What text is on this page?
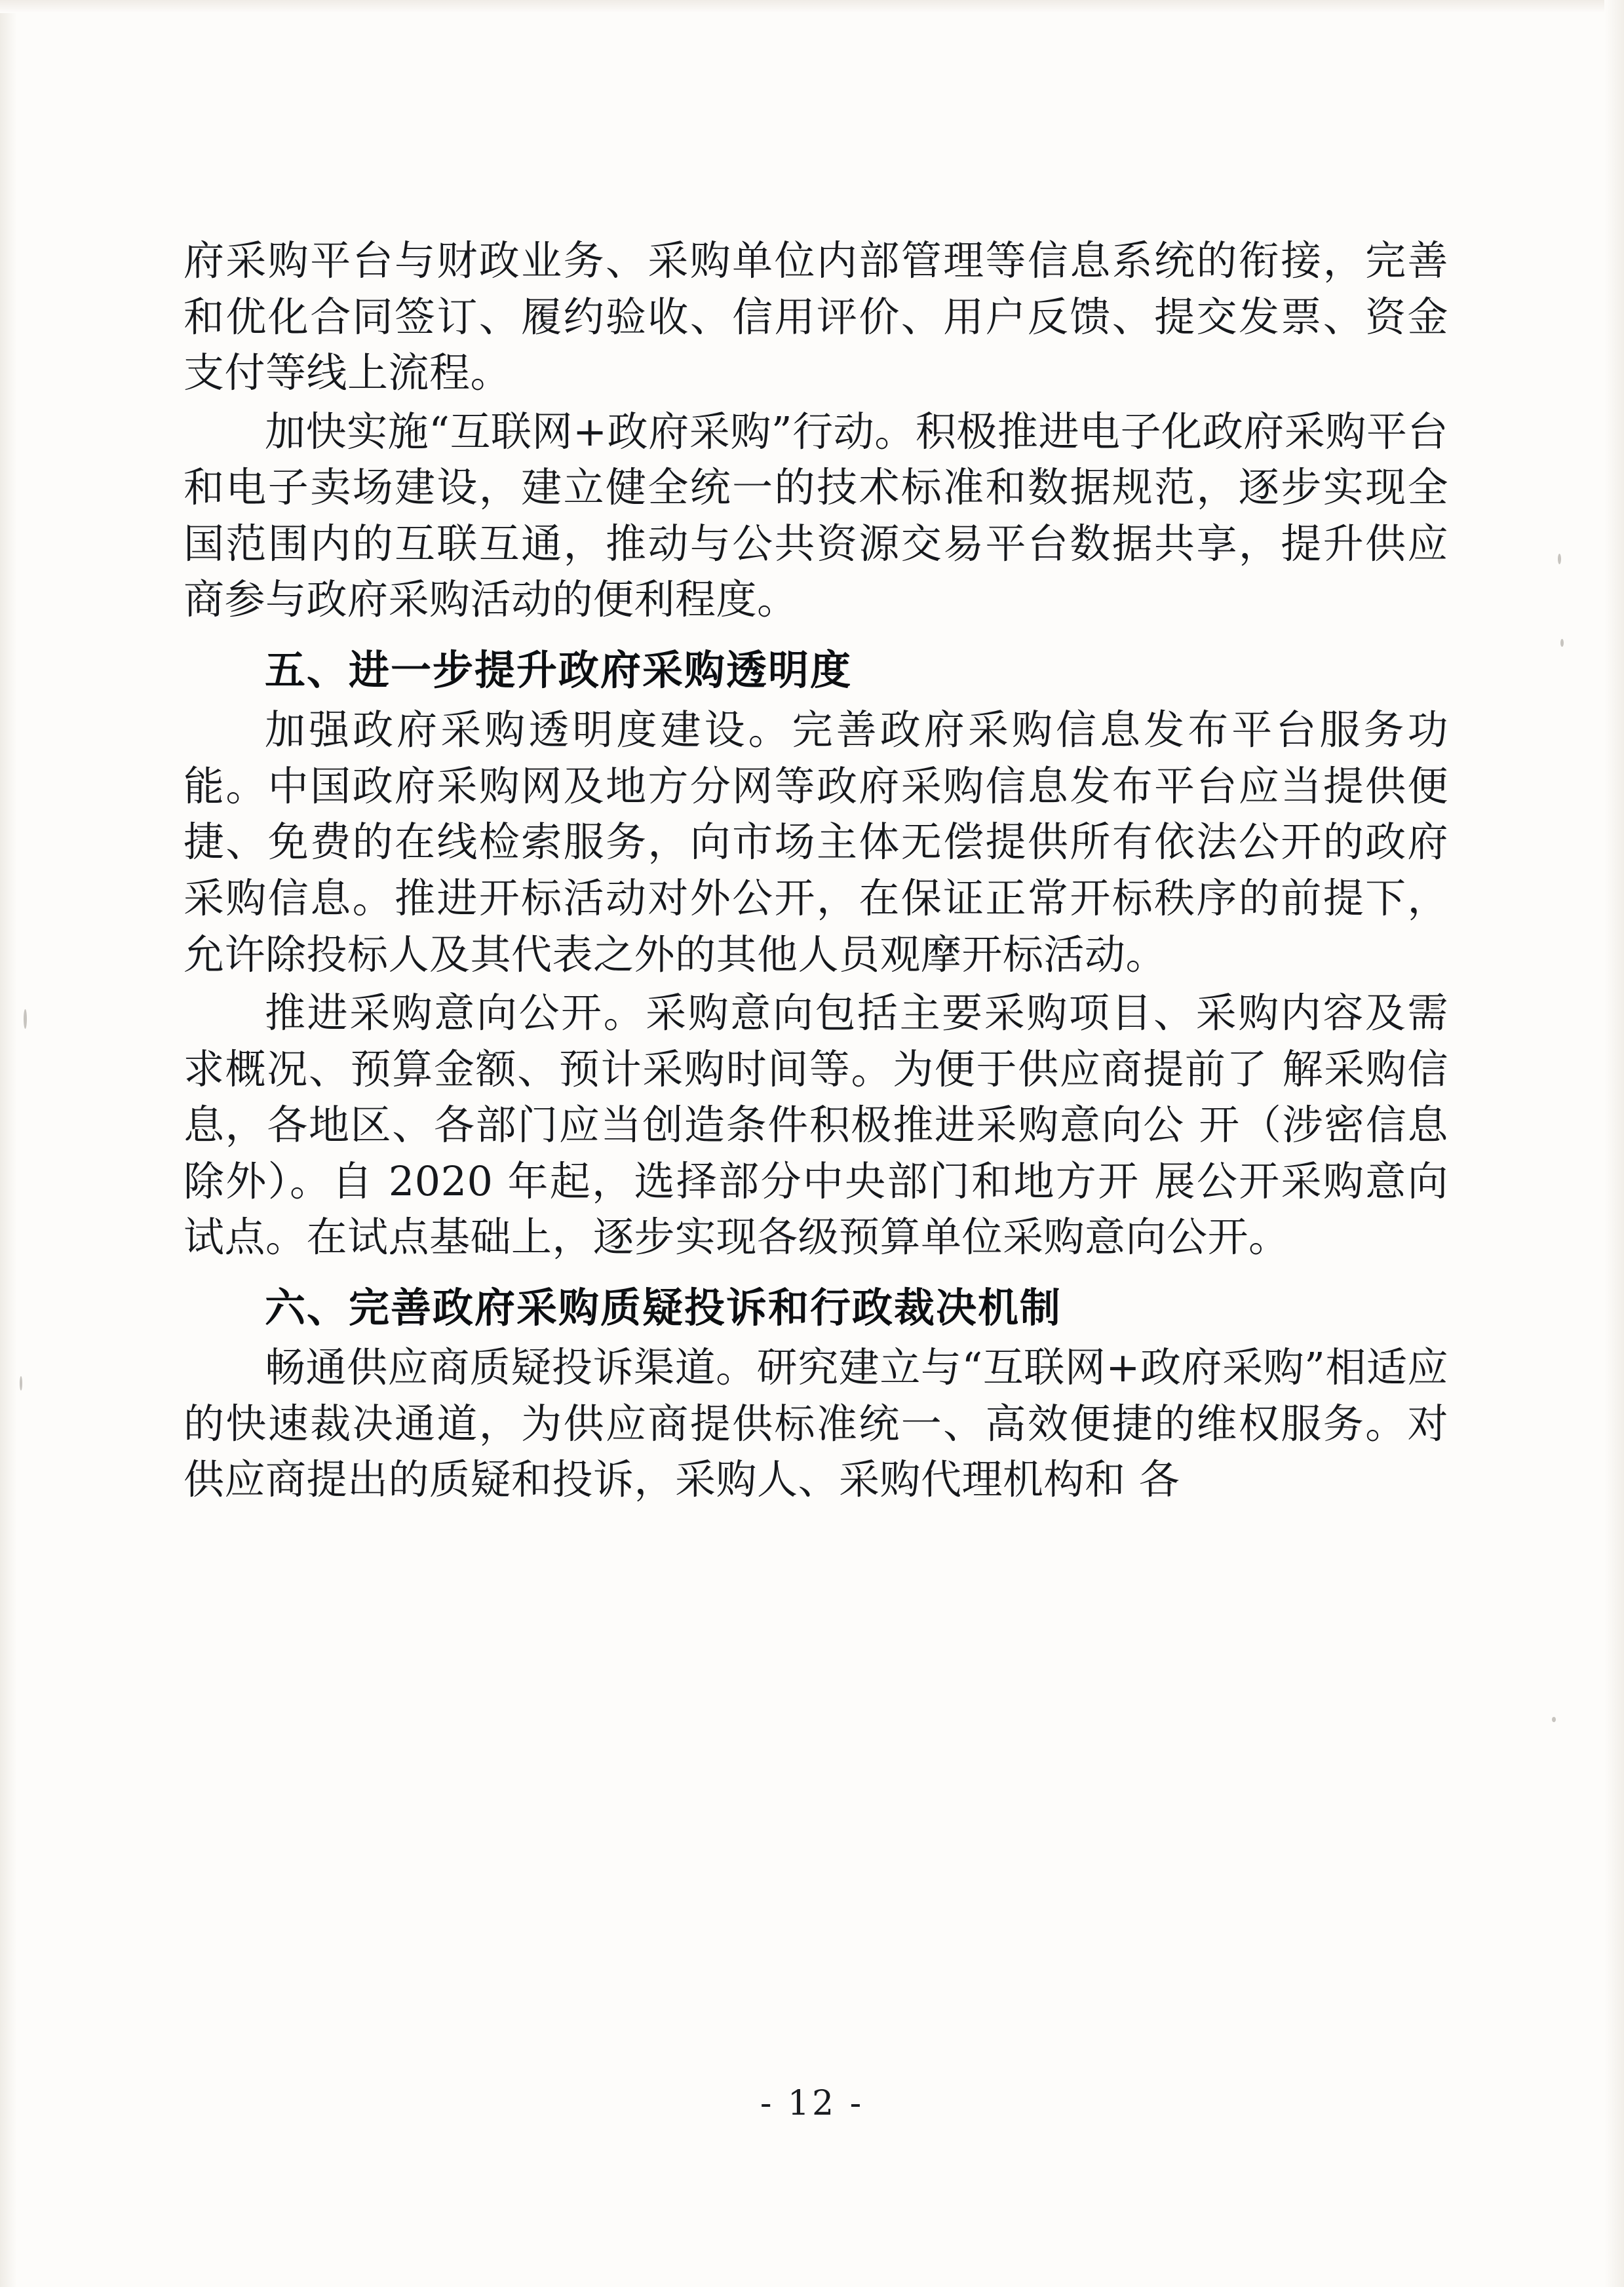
府采购平台与财政业务、采购单位内部管理等信息系统的衔接，完善和优化合同签订、履约验收、信用评价、用户反馈、提交发票、资金支付等线上流程。

加快实施“互联网+政府采购”行动。积极推进电子化政府采购平台和电子卖场建设，建立健全统一的技术标准和数据规范，逐步实现全国范围内的互联互通，推动与公共资源交易平台数据共享，提升供应商参与政府采购活动的便利程度。

五、进一步提升政府采购透明度

加强政府采购透明度建设。完善政府采购信息发布平台服务功能。中国政府采购网及地方分网等政府采购信息发布平台应当提供便捷、免费的在线检索服务，向市场主体无偿提供所有依法公开的政府采购信息。推进开标活动对外公开，在保证正常开标秩序的前提下，允许除投标人及其代表之外的其他人员观摩开标活动。

推进采购意向公开。采购意向包括主要采购项目、采购内容及需求概况、预算金额、预计采购时间等。为便于供应商提前了 解采购信息，各地区、各部门应当创造条件积极推进采购意向公 开（涉密信息除外）。自 2020 年起，选择部分中央部门和地方开 展公开采购意向试点。在试点基础上，逐步实现各级预算单位采购意向公开。

六、完善政府采购质疑投诉和行政裁决机制

畅通供应商质疑投诉渠道。研究建立与“互联网+政府采购”相适应的快速裁决通道，为供应商提供标准统一、高效便捷的维权服务。对供应商提出的质疑和投诉，采购人、采购代理机构和 各

- 12 -
